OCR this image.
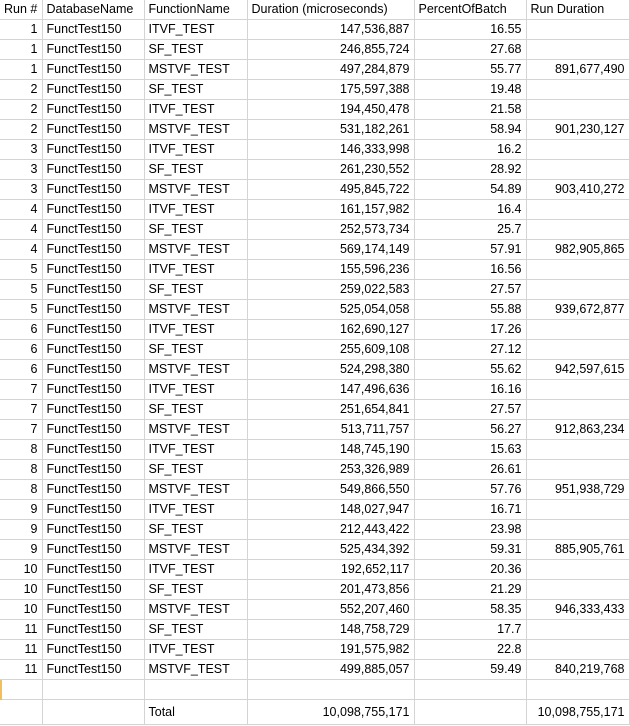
Run #	DatabaseName	FunctionName	Duration (microseconds)	PercentOfBatch	Run Duration
1	FunctTest150	ITVF_TEST	147,536,887	16.55	
1	FunctTest150	SF_TEST	246,855,724	27.68	
1	FunctTest150	MSTVF_TEST	497,284,879	55.77	891,677,490
2	FunctTest150	SF_TEST	175,597,388	19.48	
2	FunctTest150	ITVF_TEST	194,450,478	21.58	
2	FunctTest150	MSTVF_TEST	531,182,261	58.94	901,230,127
3	FunctTest150	ITVF_TEST	146,333,998	16.2	
3	FunctTest150	SF_TEST	261,230,552	28.92	
3	FunctTest150	MSTVF_TEST	495,845,722	54.89	903,410,272
4	FunctTest150	ITVF_TEST	161,157,982	16.4	
4	FunctTest150	SF_TEST	252,573,734	25.7	
4	FunctTest150	MSTVF_TEST	569,174,149	57.91	982,905,865
5	FunctTest150	ITVF_TEST	155,596,236	16.56	
5	FunctTest150	SF_TEST	259,022,583	27.57	
5	FunctTest150	MSTVF_TEST	525,054,058	55.88	939,672,877
6	FunctTest150	ITVF_TEST	162,690,127	17.26	
6	FunctTest150	SF_TEST	255,609,108	27.12	
6	FunctTest150	MSTVF_TEST	524,298,380	55.62	942,597,615
7	FunctTest150	ITVF_TEST	147,496,636	16.16	
7	FunctTest150	SF_TEST	251,654,841	27.57	
7	FunctTest150	MSTVF_TEST	513,711,757	56.27	912,863,234
8	FunctTest150	ITVF_TEST	148,745,190	15.63	
8	FunctTest150	SF_TEST	253,326,989	26.61	
8	FunctTest150	MSTVF_TEST	549,866,550	57.76	951,938,729
9	FunctTest150	ITVF_TEST	148,027,947	16.71	
9	FunctTest150	SF_TEST	212,443,422	23.98	
9	FunctTest150	MSTVF_TEST	525,434,392	59.31	885,905,761
10	FunctTest150	ITVF_TEST	192,652,117	20.36	
10	FunctTest150	SF_TEST	201,473,856	21.29	
10	FunctTest150	MSTVF_TEST	552,207,460	58.35	946,333,433
11	FunctTest150	SF_TEST	148,758,729	17.7	
11	FunctTest150	ITVF_TEST	191,575,982	22.8	
11	FunctTest150	MSTVF_TEST	499,885,057	59.49	840,219,768

		Total	10,098,755,171		10,098,755,171
